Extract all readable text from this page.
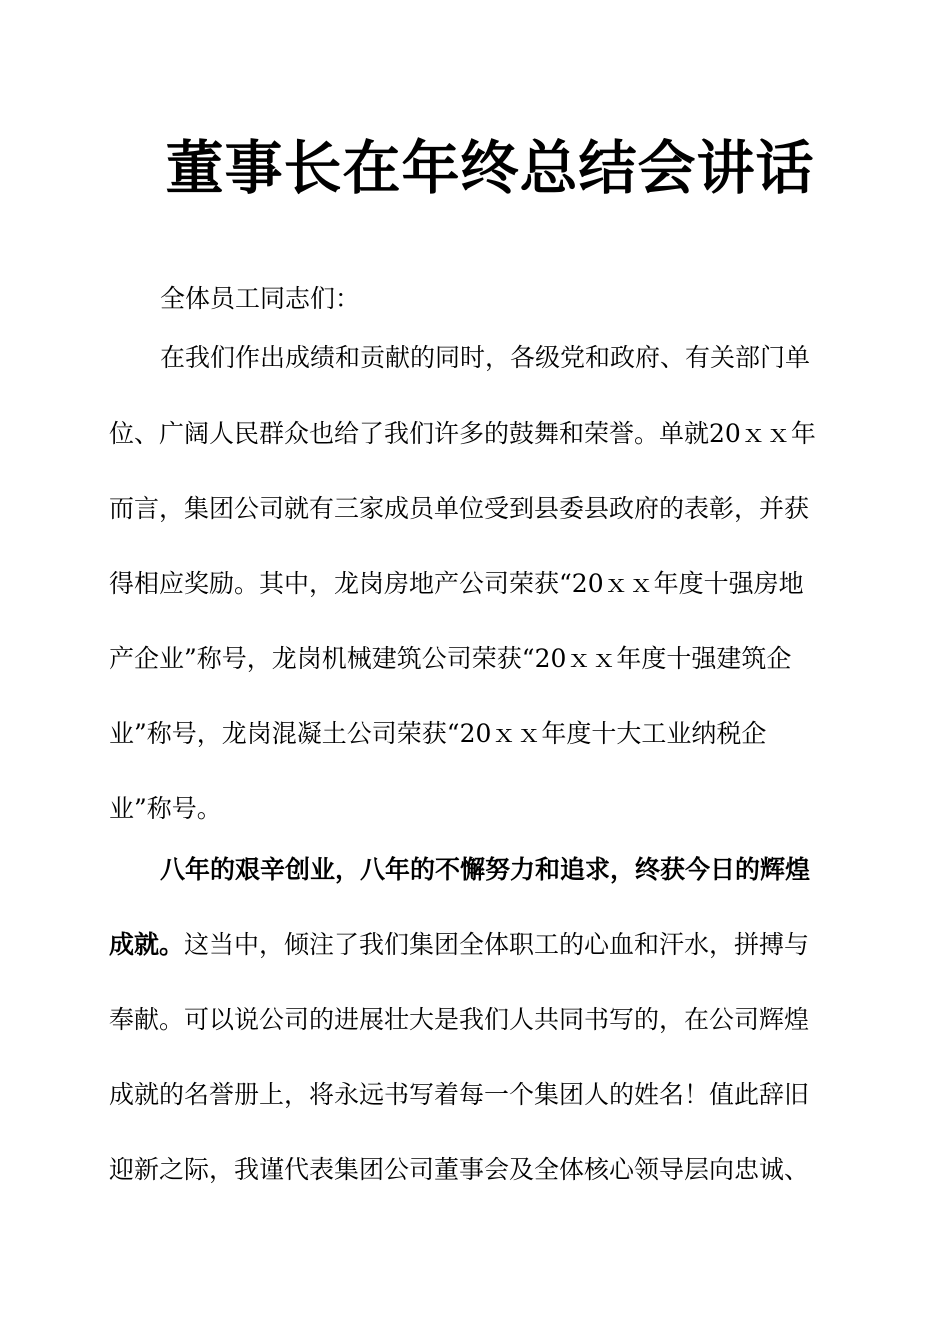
董事长在年终总结会讲话

全体员工同志们：

在我们作出成绩和贡献的同时，各级党和政府、有关部门单

位、广阔人民群众也给了我们许多的鼓舞和荣誉。单就20ｘｘ年

而言，集团公司就有三家成员单位受到县委县政府的表彰，并获

得相应奖励。其中，龙岗房地产公司荣获“20ｘｘ年度十强房地

产企业”称号，龙岗机械建筑公司荣获“20ｘｘ年度十强建筑企

业”称号，龙岗混凝土公司荣获“20ｘｘ年度十大工业纳税企

业”称号。

八年的艰辛创业，八年的不懈努力和追求，终获今日的辉煌

成就。这当中，倾注了我们集团全体职工的心血和汗水，拼搏与

奉献。可以说公司的进展壮大是我们人共同书写的，在公司辉煌

成就的名誉册上，将永远书写着每一个集团人的姓名！值此辞旧

迎新之际，我谨代表集团公司董事会及全体核心领导层向忠诚、
